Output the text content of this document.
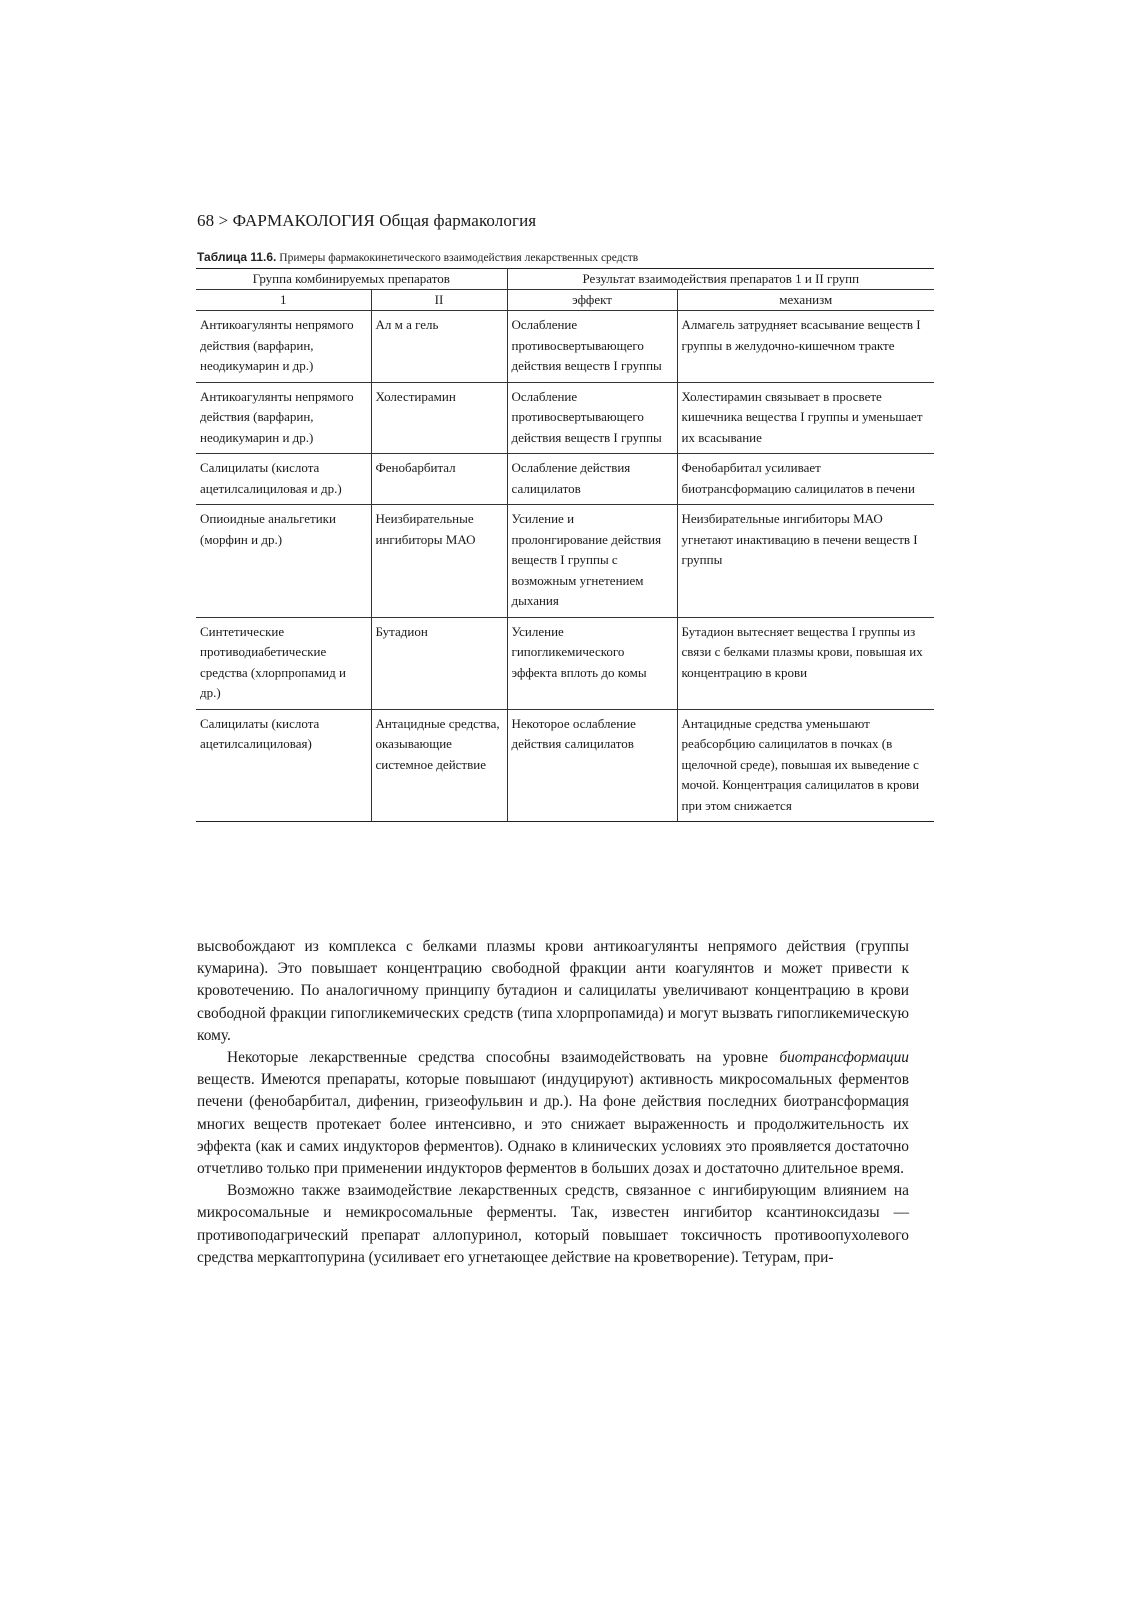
68 > ФАРМАКОЛОГИЯ Общая фармакология
Таблица 11.6. Примеры фармакокинетического взаимодействия лекарственных средств
Группа комбинируемых препаратов		Результат взаимодействия препаратов 1 и II групп	
1	II	эффект	механизм
Антикоагулянты непрямого действия (варфарин, неодикумарин и др.)	Ал м а гель	Ослабление противосвертывающего действия веществ I группы	Алмагель затрудняет всасывание веществ I группы в желудочно-кишечном тракте
Антикоагулянты непрямого действия (варфарин, неодикумарин и др.)	Холестирамин	Ослабление противосвертывающего действия веществ I группы	Холестирамин связывает в просвете кишечника вещества I группы и уменьшает их всасывание
Салицилаты (кислота ацетилсалициловая и др.)	Фенобарбитал	Ослабление действия салицилатов	Фенобарбитал усиливает биотрансформацию салицилатов в печени
Опиоидные анальгетики (морфин и др.)	Неизбирательные ингибиторы МАО	Усиление и пролонгирование действия веществ I группы с возможным угнетением дыхания	Неизбирательные ингибиторы МАО угнетают инактивацию в печени веществ I группы
Синтетические противодиабетические средства (хлорпропамид и др.)	Бутадион	Усиление гипогликемического эффекта вплоть до комы	Бутадион вытесняет вещества I группы из связи с белками плазмы крови, повышая их концентрацию в крови
Салицилаты (кислота ацетилсалициловая)	Антацидные средства, оказывающие системное действие	Некоторое ослабление действия салицилатов	Антацидные средства уменьшают реабсорбцию салицилатов в почках (в щелочной среде), повышая их выведение с мочой. Концентрация салицилатов в крови при этом снижается

высвобождают из комплекса с белками плазмы крови антикоагулянты непрямого действия (группы кумарина). Это повышает концентрацию свободной фракции анти коагулянтов и может привести к кровотечению. По аналогичному принципу бутадион и салицилаты увеличивают концентрацию в крови свободной фракции гипогликемических средств (типа хлорпропамида) и могут вызвать гипогликемическую кому.

Некоторые лекарственные средства способны взаимодействовать на уровне биотрансформации веществ. Имеются препараты, которые повышают (индуцируют) активность микросомальных ферментов печени (фенобарбитал, дифенин, гризеофульвин и др.). На фоне действия последних биотрансформация многих веществ протекает более интенсивно, и это снижает выраженность и продолжительность их эффекта (как и самих индукторов ферментов). Однако в клинических условиях это проявляется достаточно отчетливо только при применении индукторов ферментов в больших дозах и достаточно длительное время.

Возможно также взаимодействие лекарственных средств, связанное с ингибирующим влиянием на микросомальные и немикросомальные ферменты. Так, известен ингибитор ксантиноксидазы — противоподагрический препарат аллопуринол, который повышает токсичность противоопухолевого средства меркаптопурина (усиливает его угнетающее действие на кроветворение). Тетурам, при-
